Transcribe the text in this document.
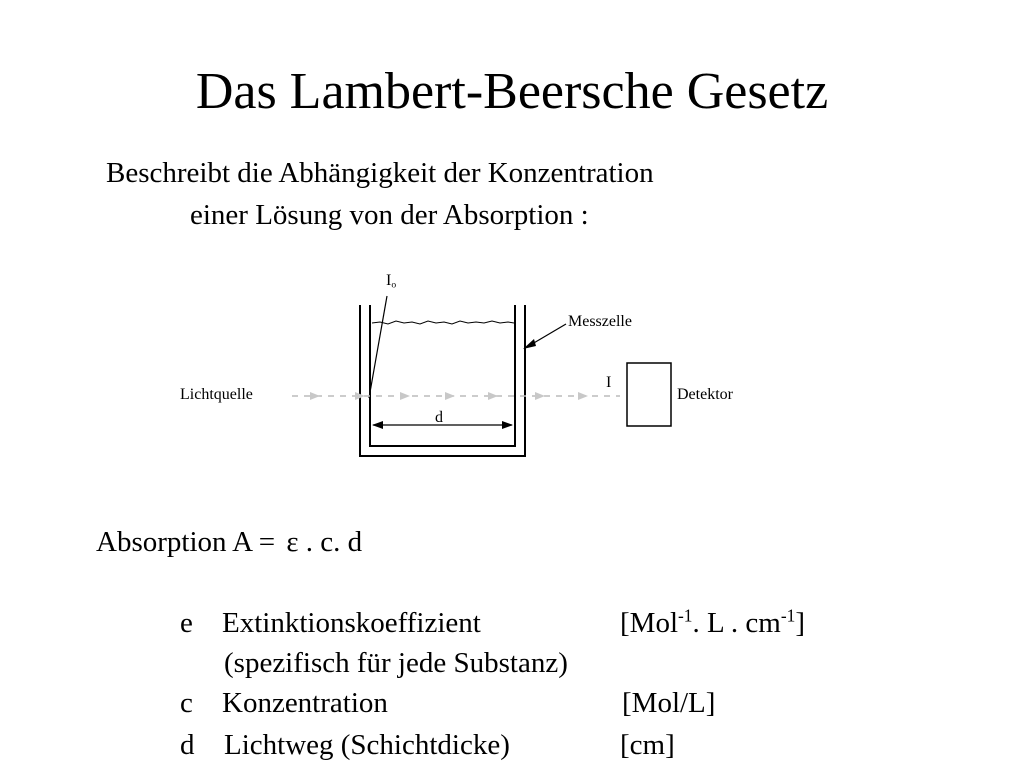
Das Lambert-Beersche Gesetz
Beschreibt die Abhängigkeit der Konzentration
einer Lösung von der Absorption :
$I_o$
Messzelle
Lichtquelle
I
Detektor
d
Absorption A = ε . c. d
e Extinktionskoeffizient	[Mol$^{-1}$. L . $cm^{-1}$]
(spezifisch für jede Substanz)
c Konzentration	[Mol/L]
d Lichtweg (Schichtdicke)	[cm]
